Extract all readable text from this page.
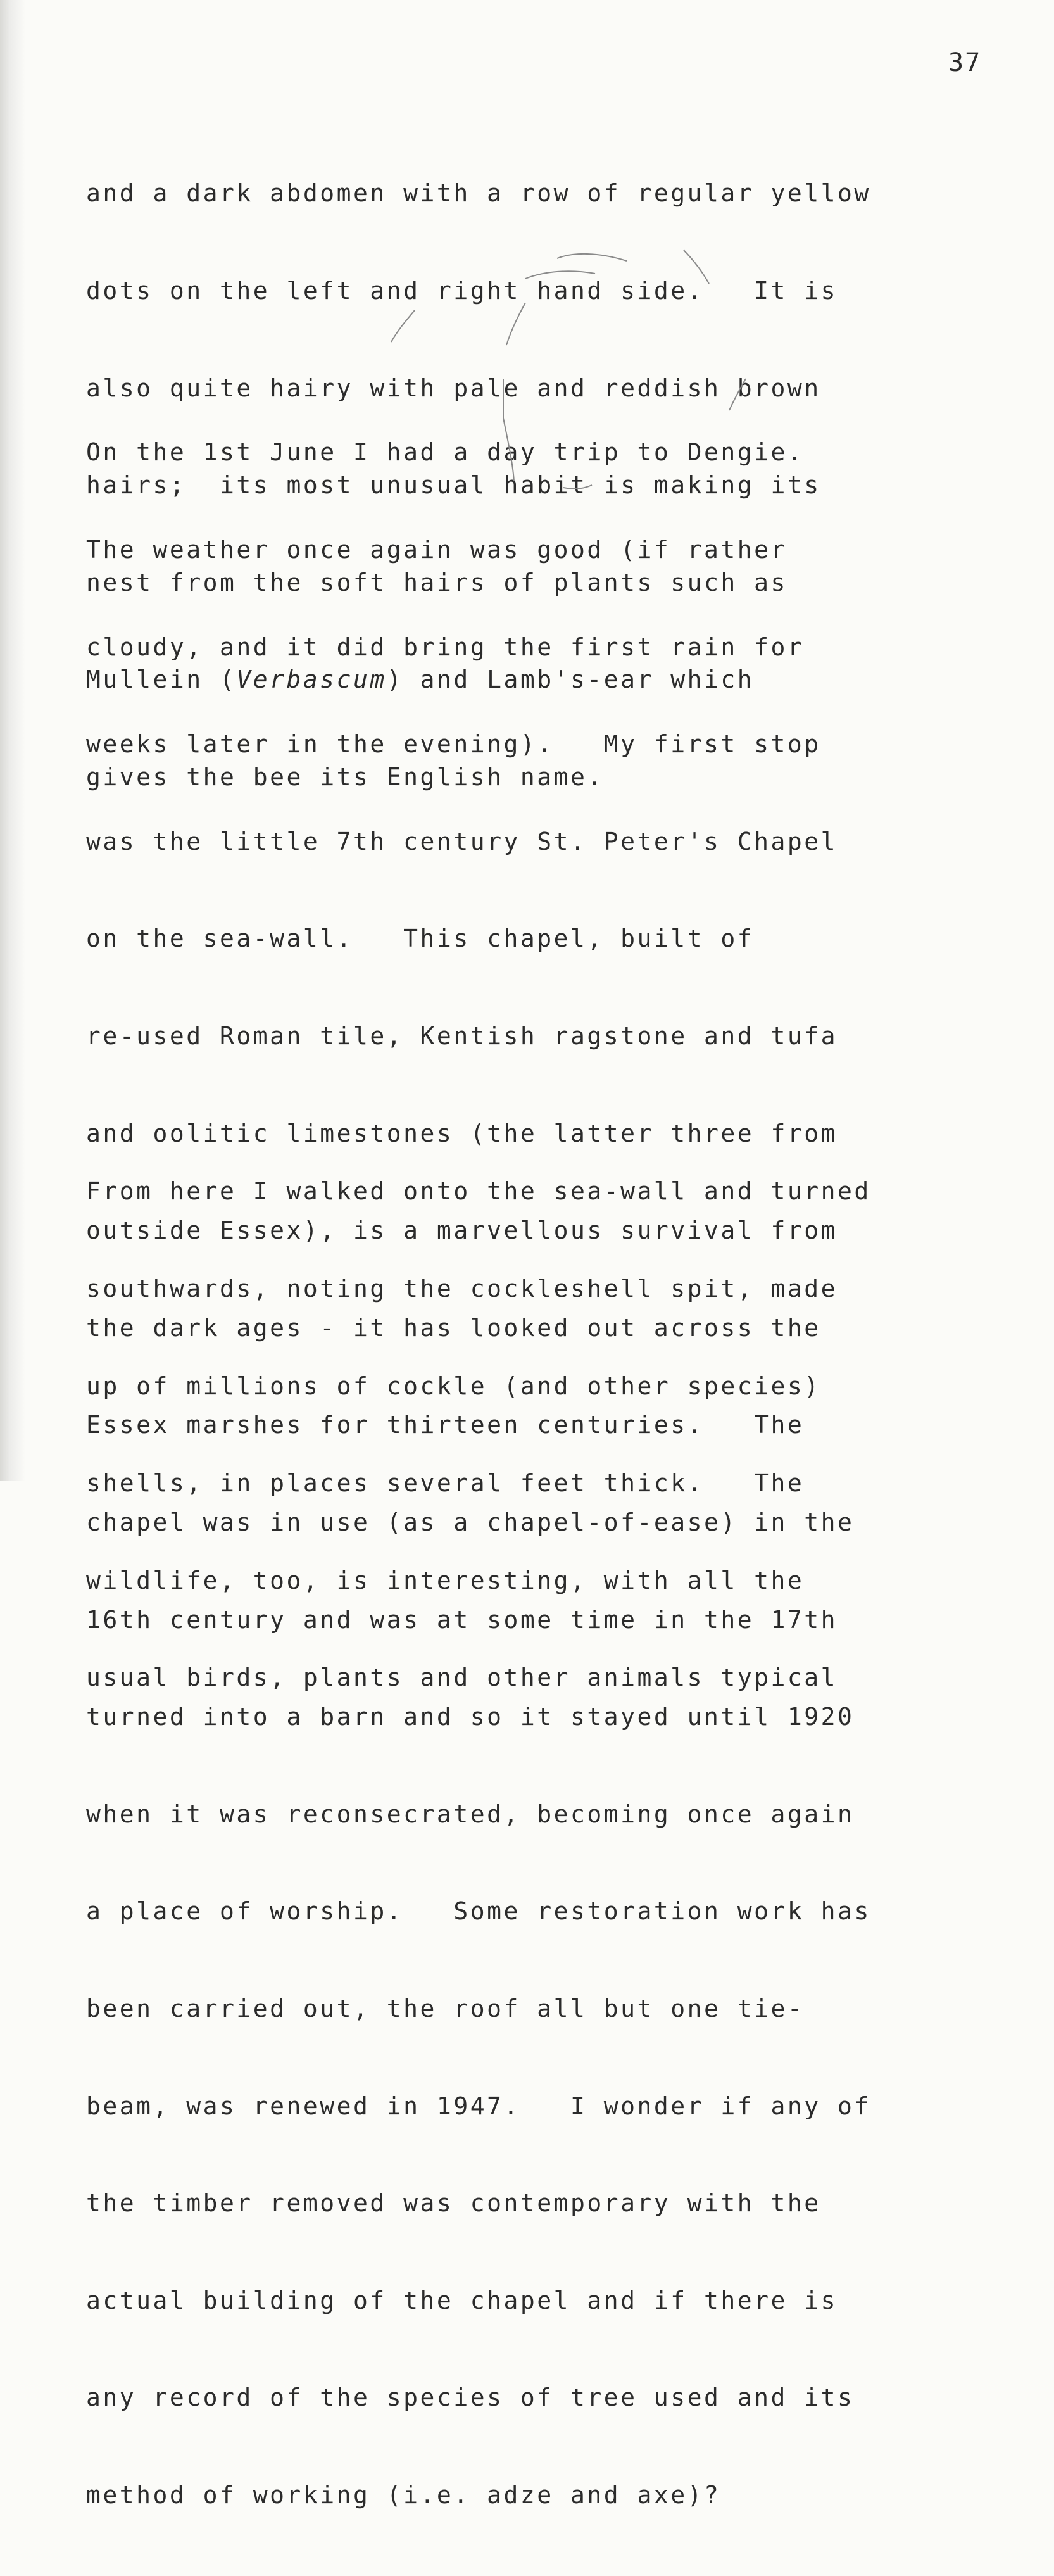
37

and a dark abdomen with a row of regular yellow

dots on the left and right hand side.   It is

also quite hairy with pale and reddish brown

hairs;  its most unusual habit is making its

nest from the soft hairs of plants such as

Mullein (Verbascum) and Lamb's-ear which

gives the bee its English name.

On the 1st June I had a day trip to Dengie.

The weather once again was good (if rather

cloudy, and it did bring the first rain for

weeks later in the evening).   My first stop

was the little 7th century St. Peter's Chapel

on the sea-wall.   This chapel, built of

re-used Roman tile, Kentish ragstone and tufa

and oolitic limestones (the latter three from

outside Essex), is a marvellous survival from

the dark ages - it has looked out across the

Essex marshes for thirteen centuries.   The

chapel was in use (as a chapel-of-ease) in the

16th century and was at some time in the 17th

turned into a barn and so it stayed until 1920

when it was reconsecrated, becoming once again

a place of worship.   Some restoration work has

been carried out, the roof all but one tie-

beam, was renewed in 1947.   I wonder if any of

the timber removed was contemporary with the

actual building of the chapel and if there is

any record of the species of tree used and its

method of working (i.e. adze and axe)?

From here I walked onto the sea-wall and turned

southwards, noting the cockleshell spit, made

up of millions of cockle (and other species)

shells, in places several feet thick.   The

wildlife, too, is interesting, with all the

usual birds, plants and other animals typical
